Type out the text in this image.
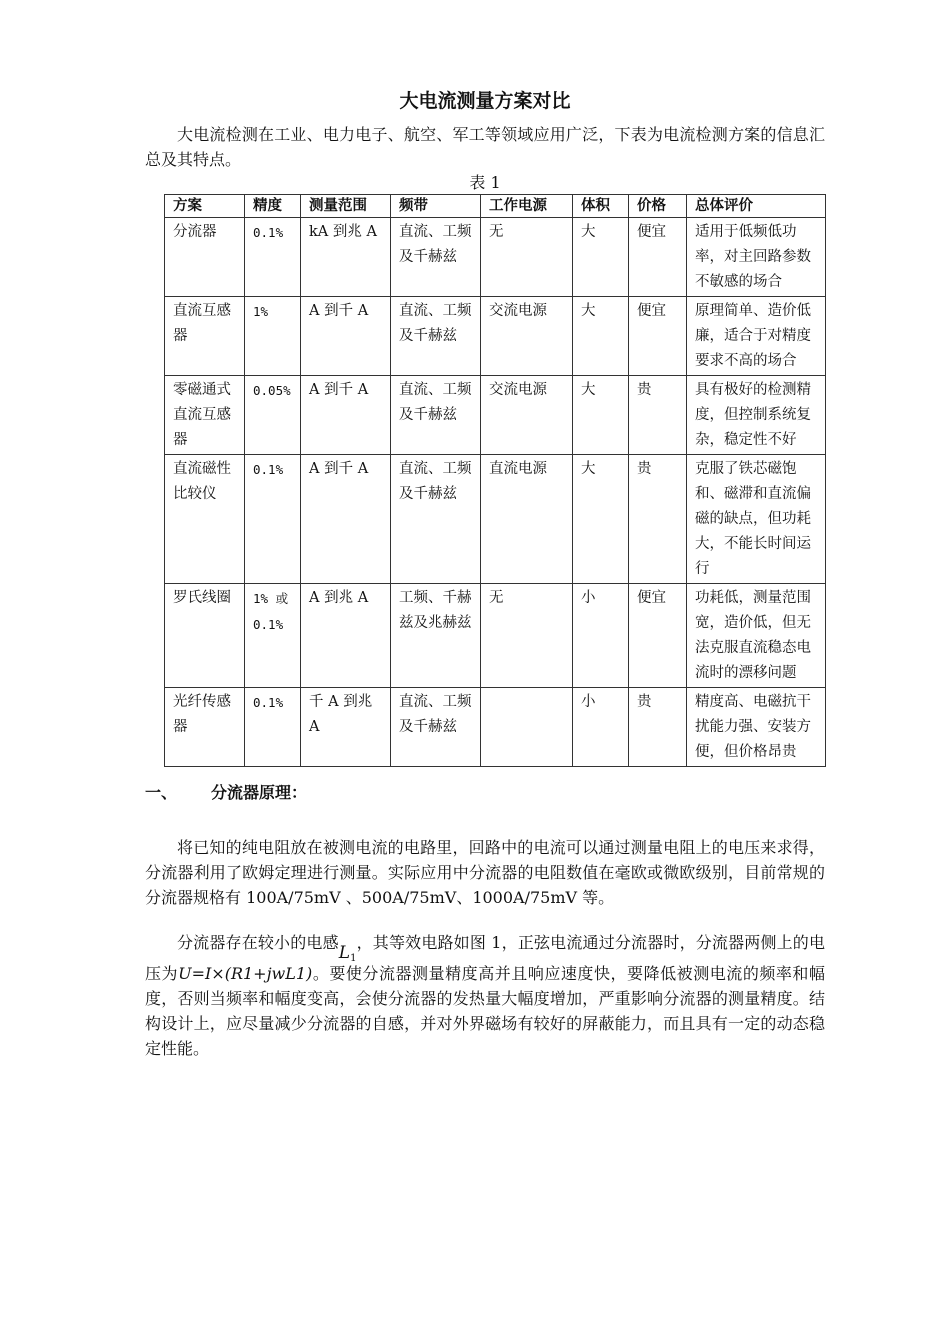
大电流测量方案对比

大电流检测在工业、电力电子、航空、军工等领域应用广泛，下表为电流检测方案的信息汇总及其特点。

表 1

方案	精度	测量范围	频带	工作电源	体积	价格	总体评价
分流器	0.1%	kA 到兆 A	直流、工频及千赫兹	无	大	便宜	适用于低频低功率，对主回路参数不敏感的场合
直流互感器	1%	A 到千 A	直流、工频及千赫兹	交流电源	大	便宜	原理简单、造价低廉，适合于对精度要求不高的场合
零磁通式直流互感器	0.05%	A 到千 A	直流、工频及千赫兹	交流电源	大	贵	具有极好的检测精度，但控制系统复杂，稳定性不好
直流磁性比较仪	0.1%	A 到千 A	直流、工频及千赫兹	直流电源	大	贵	克服了铁芯磁饱和、磁滞和直流偏磁的缺点，但功耗大，不能长时间运行
罗氏线圈	1% 或 0.1%	A 到兆 A	工频、千赫兹及兆赫兹	无	小	便宜	功耗低，测量范围宽，造价低，但无法克服直流稳态电流时的漂移问题
光纤传感器	0.1%	千 A 到兆 A	直流、工频及千赫兹		小	贵	精度高、电磁抗干扰能力强、安装方便，但价格昂贵
一、 分流器原理：

将已知的纯电阻放在被测电流的电路里，回路中的电流可以通过测量电阻上的电压来求得，分流器利用了欧姆定理进行测量。实际应用中分流器的电阻数值在毫欧或微欧级别，目前常规的分流器规格有 100A/75mV 、500A/75mV、1000A/75mV 等。

分流器存在较小的电感$L_1$，其等效电路如图 1，正弦电流通过分流器时，分流器两侧上的电压为U=I×(R1+jwL1)。要使分流器测量精度高并且响应速度快，要降低被测电流的频率和幅度，否则当频率和幅度变高，会使分流器的发热量大幅度增加，严重影响分流器的测量精度。结构设计上，应尽量减少分流器的自感，并对外界磁场有较好的屏蔽能力，而且具有一定的动态稳定性能。
